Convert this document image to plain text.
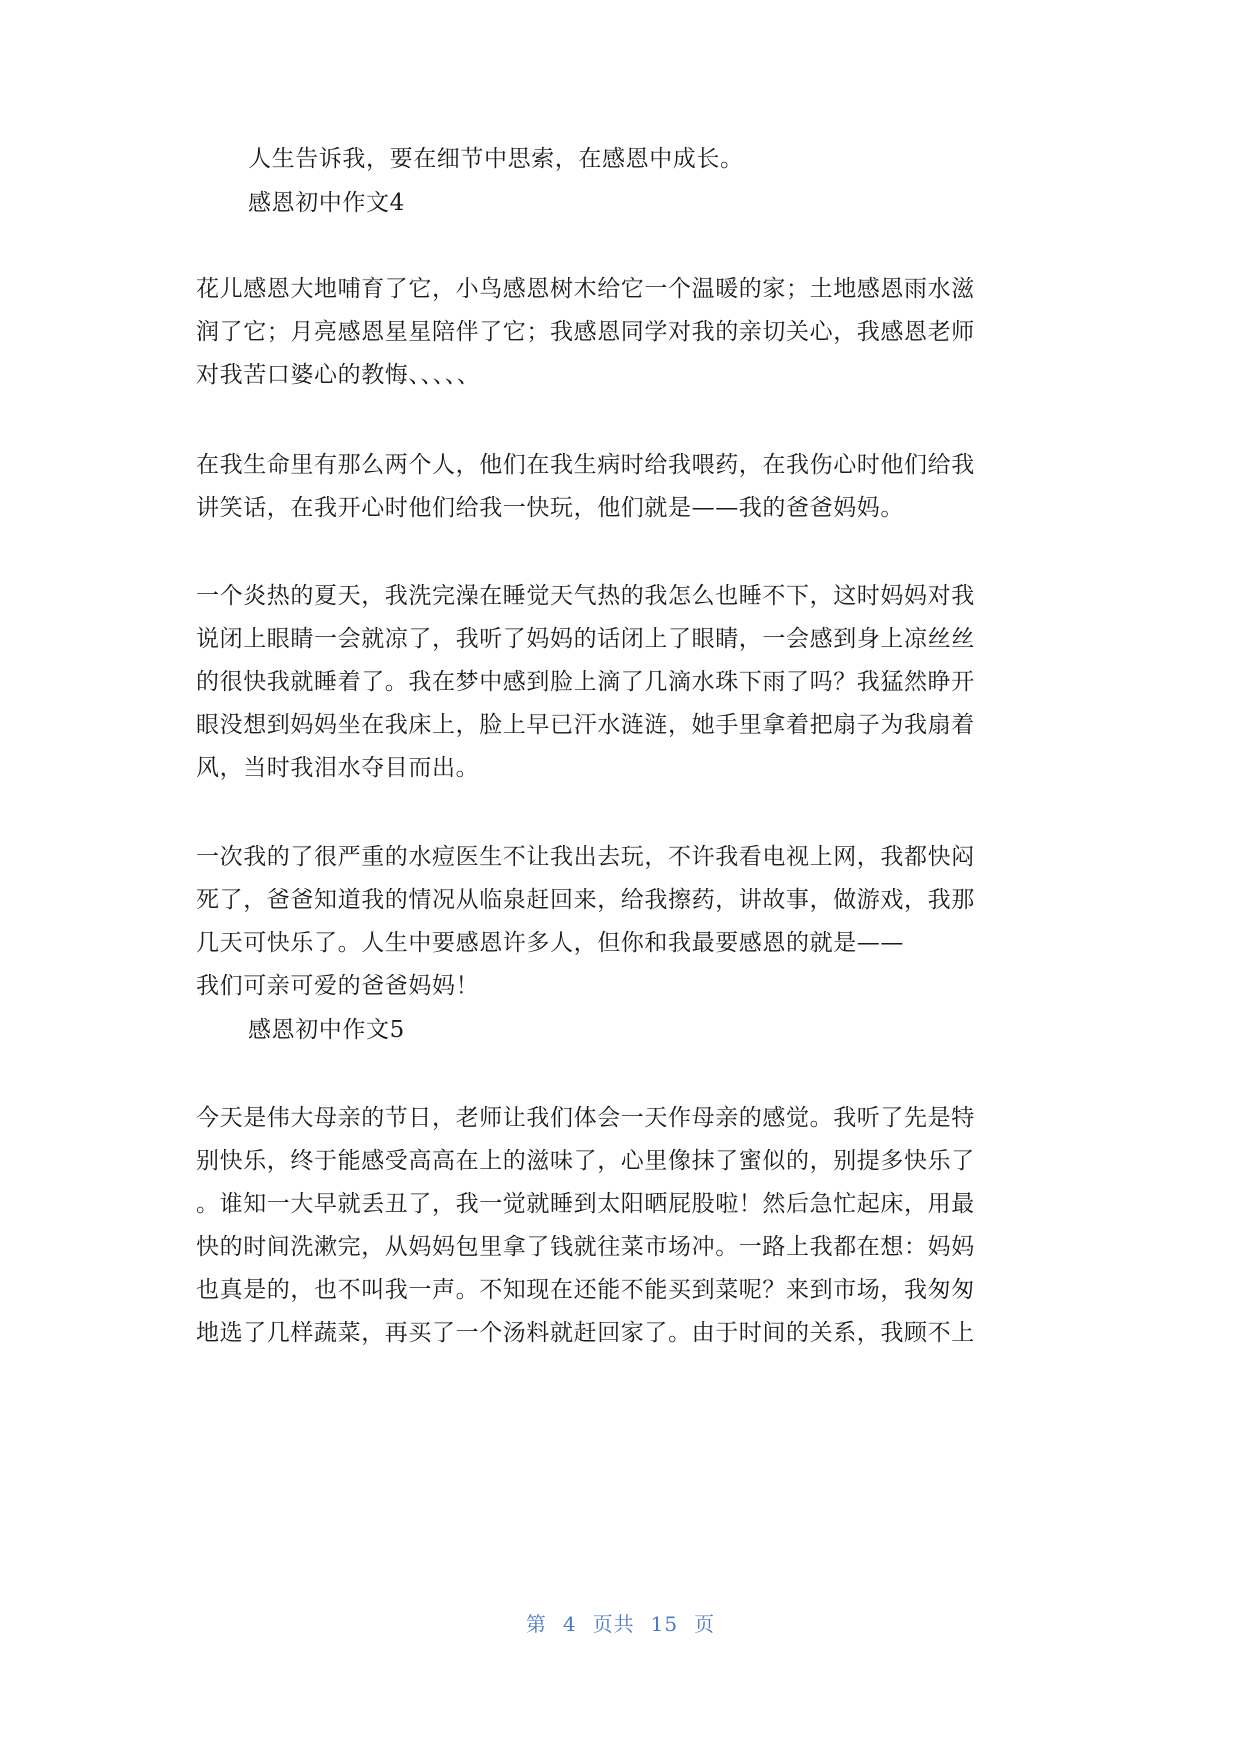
人生告诉我，要在细节中思索，在感恩中成长。
感恩初中作文4
花儿感恩大地哺育了它，小鸟感恩树木给它一个温暖的家；土地感恩雨水滋
润了它；月亮感恩星星陪伴了它；我感恩同学对我的亲切关心，我感恩老师
对我苦口婆心的教悔、、、、、
在我生命里有那么两个人，他们在我生病时给我喂药，在我伤心时他们给我
讲笑话，在我开心时他们给我一快玩，他们就是——我的爸爸妈妈。
一个炎热的夏天，我洗完澡在睡觉天气热的我怎么也睡不下，这时妈妈对我
说闭上眼睛一会就凉了，我听了妈妈的话闭上了眼睛，一会感到身上凉丝丝
的很快我就睡着了。我在梦中感到脸上滴了几滴水珠下雨了吗？我猛然睁开
眼没想到妈妈坐在我床上，脸上早已汗水涟涟，她手里拿着把扇子为我扇着
风，当时我泪水夺目而出。
一次我的了很严重的水痘医生不让我出去玩，不许我看电视上网，我都快闷
死了，爸爸知道我的情况从临泉赶回来，给我擦药，讲故事，做游戏，我那
几天可快乐了。人生中要感恩许多人，但你和我最要感恩的就是——
我们可亲可爱的爸爸妈妈！
感恩初中作文5
今天是伟大母亲的节日，老师让我们体会一天作母亲的感觉。我听了先是特
别快乐，终于能感受高高在上的滋味了，心里像抹了蜜似的，别提多快乐了
。谁知一大早就丢丑了，我一觉就睡到太阳晒屁股啦！然后急忙起床，用最
快的时间洗漱完，从妈妈包里拿了钱就往菜市场冲。一路上我都在想：妈妈
也真是的，也不叫我一声。不知现在还能不能买到菜呢？来到市场，我匆匆
地选了几样蔬菜，再买了一个汤料就赶回家了。由于时间的关系，我顾不上
第 4 页共 15 页
